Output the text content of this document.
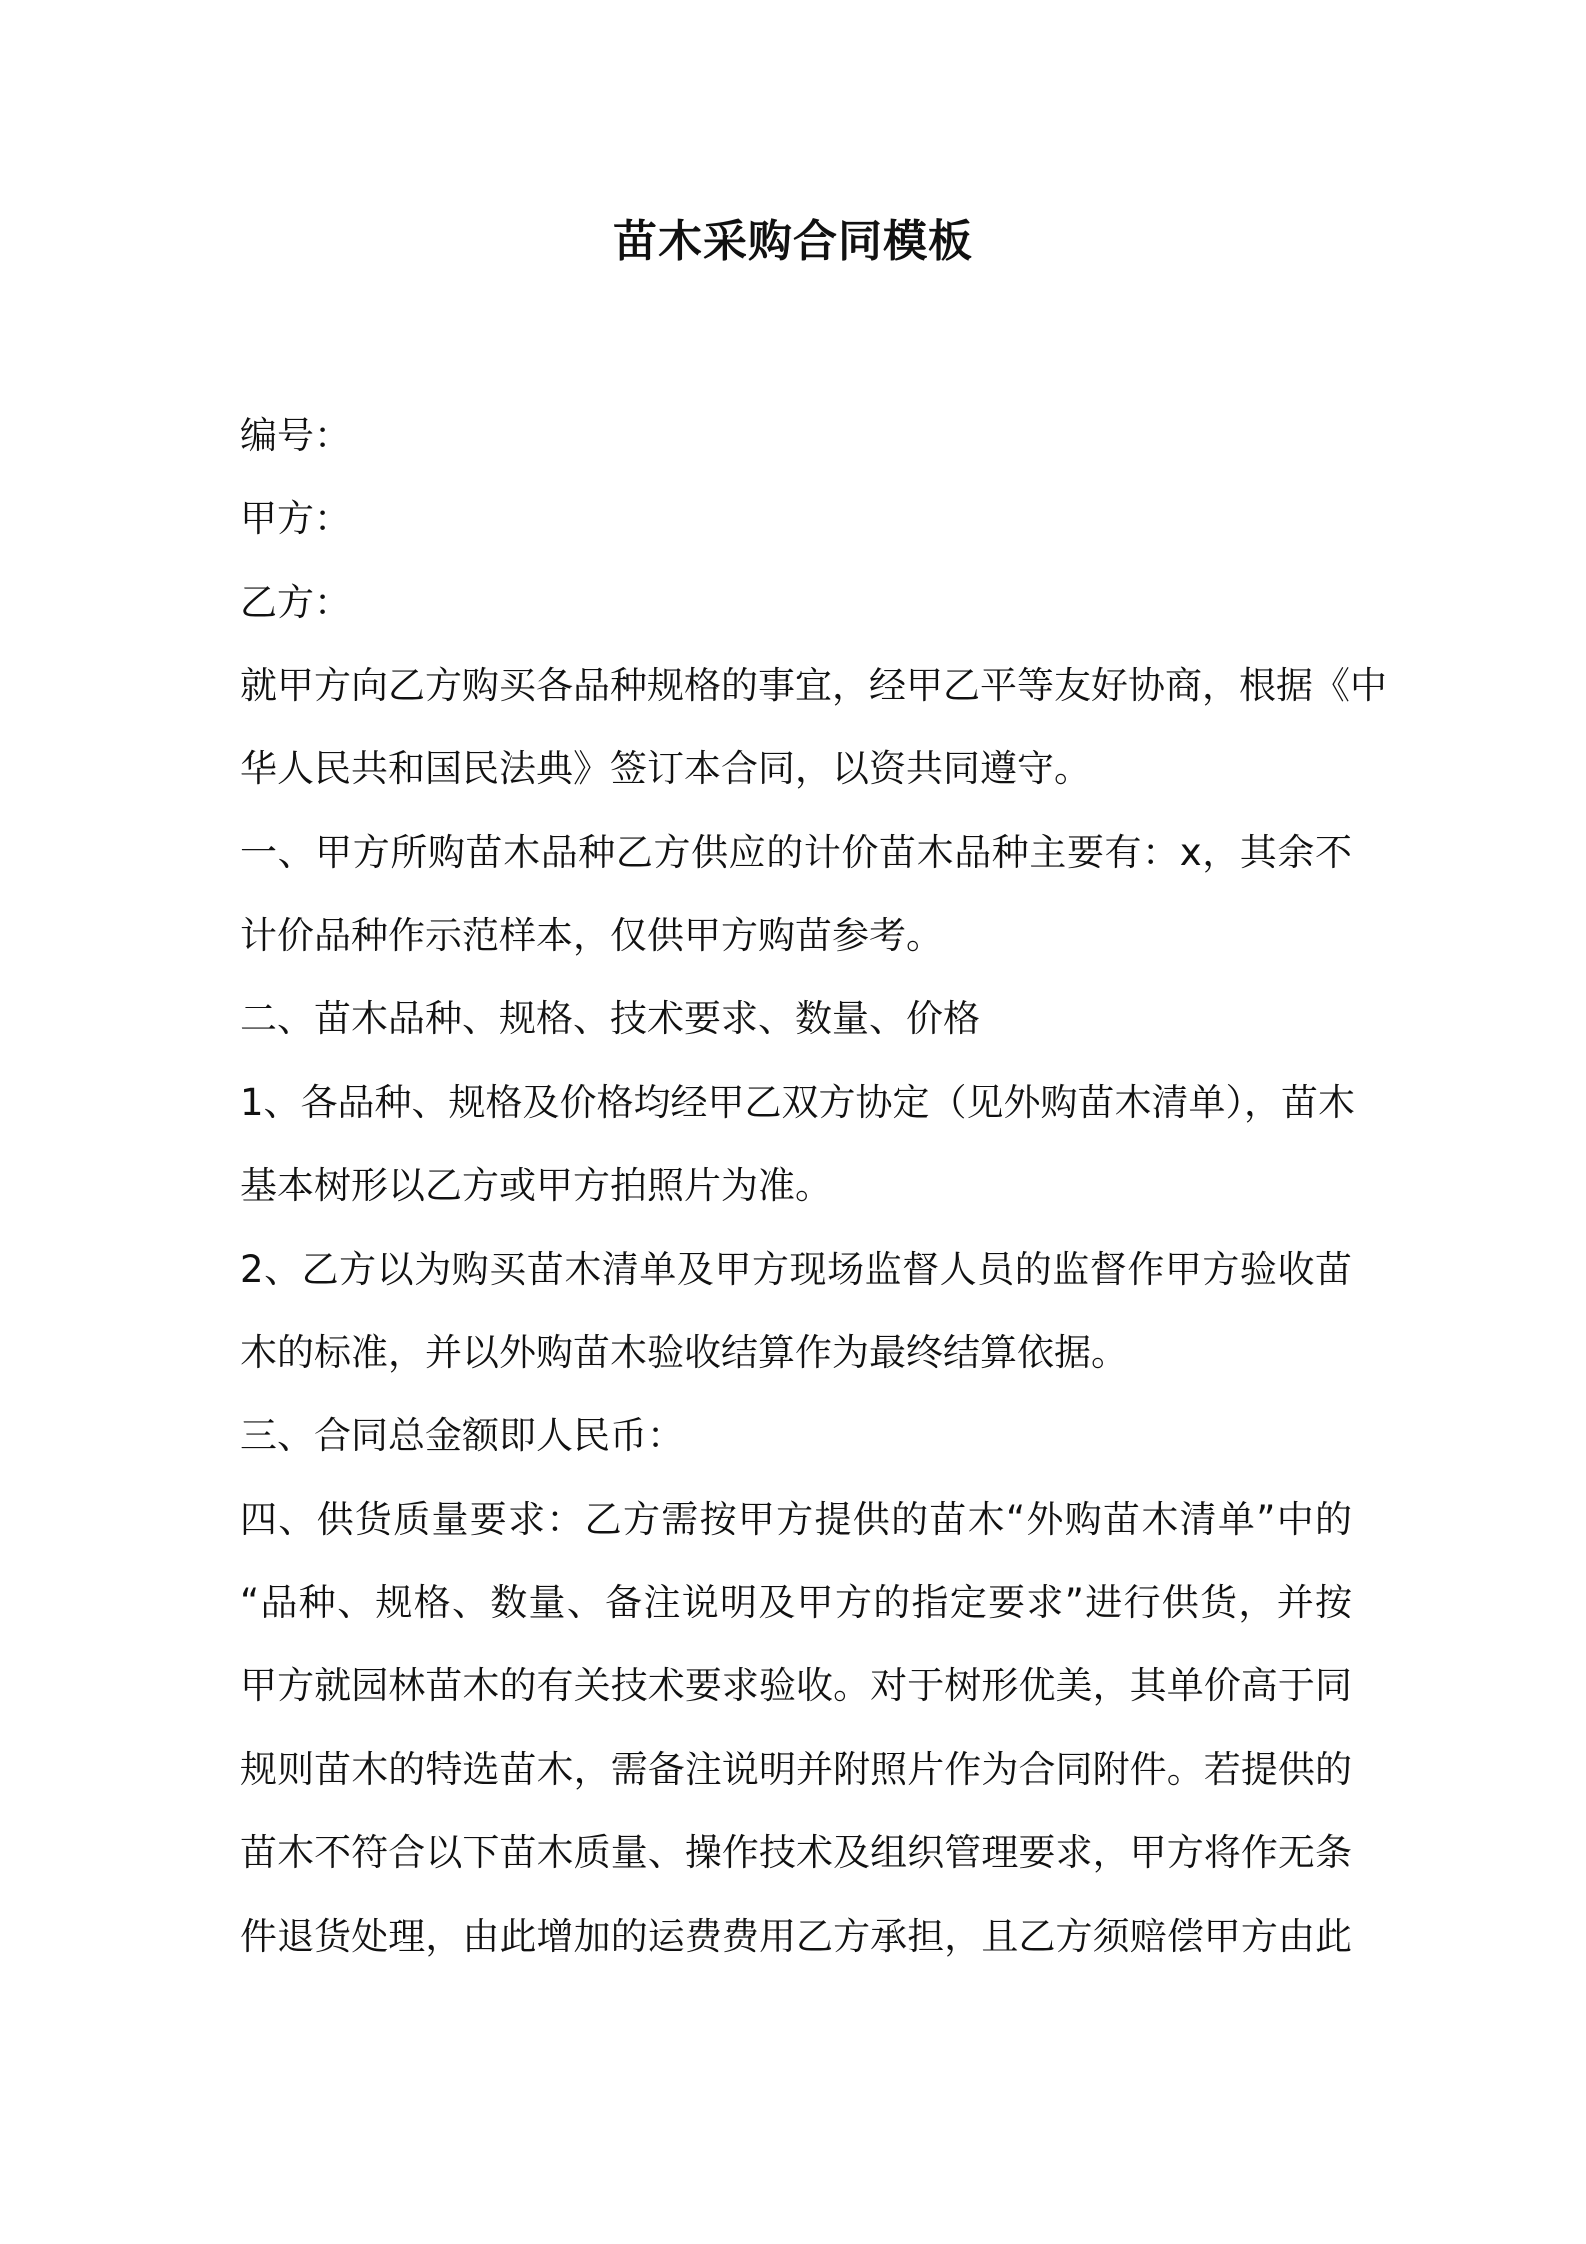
苗木采购合同模板
编号：
甲方：
乙方：
就甲方向乙方购买各品种规格的事宜，经甲乙平等友好协商，根据《中
华人民共和国民法典》签订本合同，以资共同遵守。
一、甲方所购苗木品种乙方供应的计价苗木品种主要有：x，其余不
计价品种作示范样本，仅供甲方购苗参考。
二、苗木品种、规格、技术要求、数量、价格
1、各品种、规格及价格均经甲乙双方协定（见外购苗木清单），苗木
基本树形以乙方或甲方拍照片为准。
2、乙方以为购买苗木清单及甲方现场监督人员的监督作甲方验收苗
木的标准，并以外购苗木验收结算作为最终结算依据。
三、合同总金额即人民币：
四、供货质量要求：乙方需按甲方提供的苗木“外购苗木清单”中的
“品种、规格、数量、备注说明及甲方的指定要求”进行供货，并按
甲方就园林苗木的有关技术要求验收。对于树形优美，其单价高于同
规则苗木的特选苗木，需备注说明并附照片作为合同附件。若提供的
苗木不符合以下苗木质量、操作技术及组织管理要求，甲方将作无条
件退货处理，由此增加的运费费用乙方承担，且乙方须赔偿甲方由此
